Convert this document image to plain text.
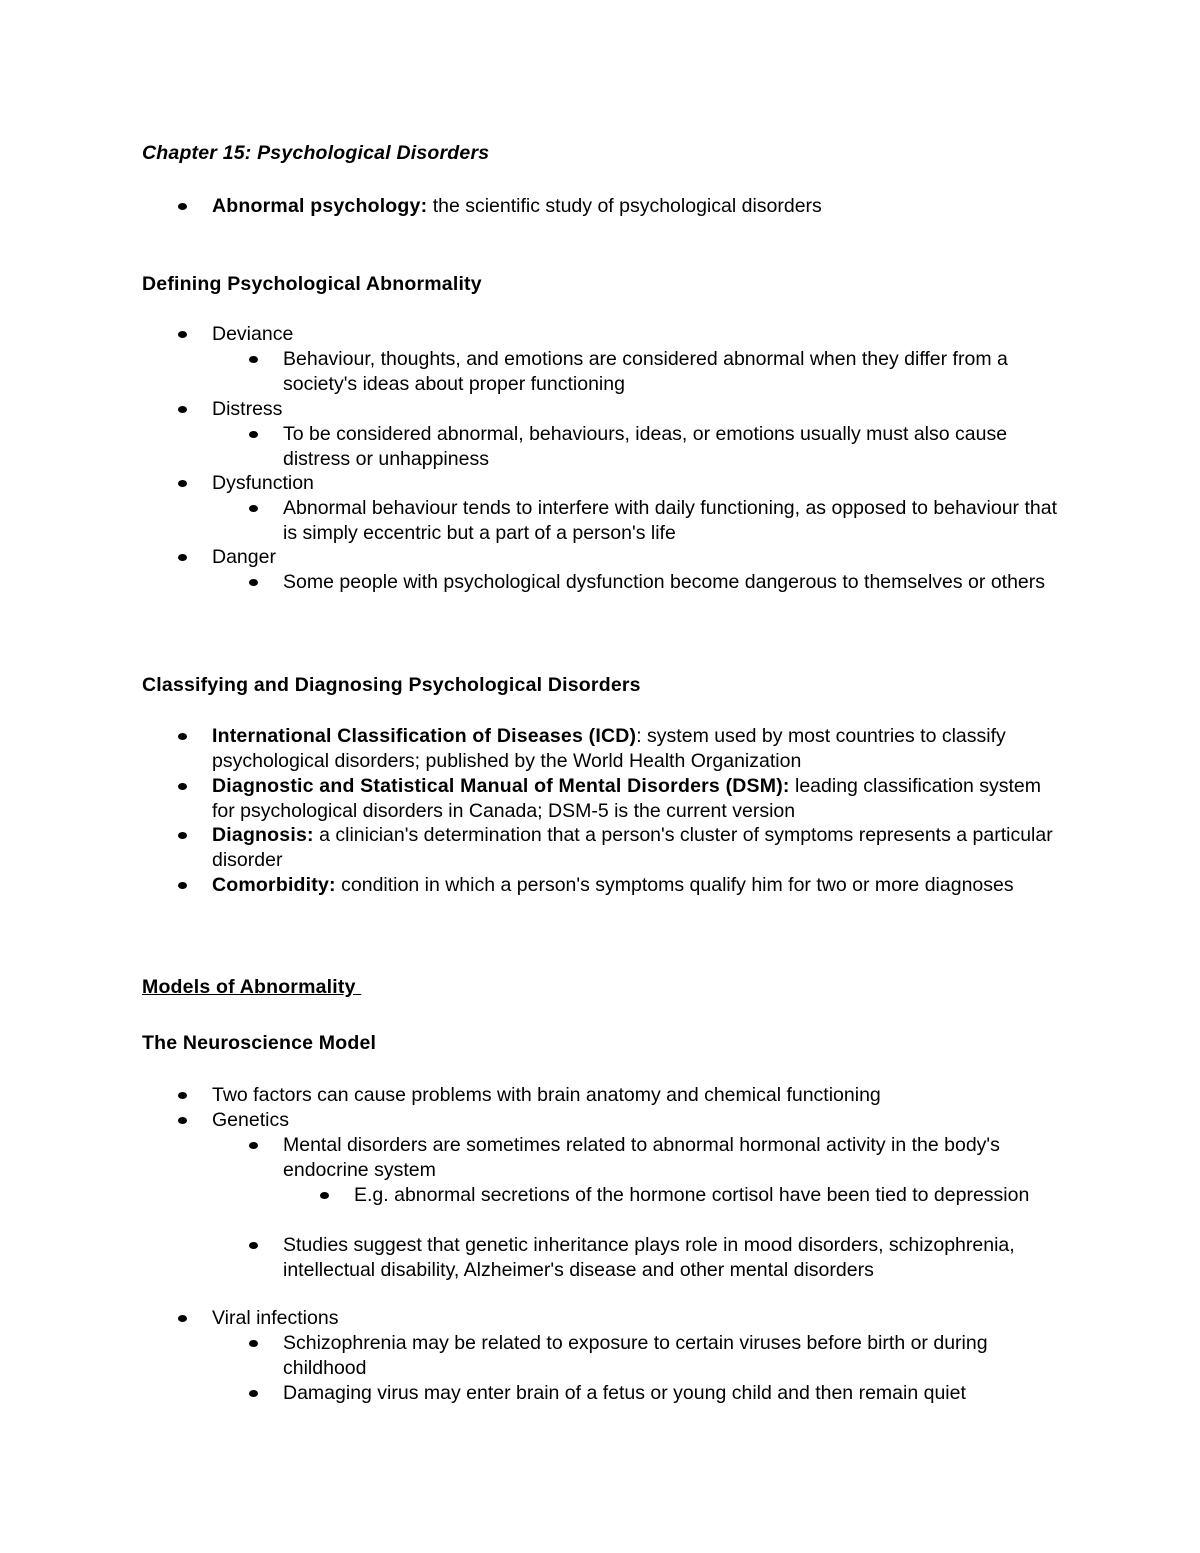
Chapter 15: Psychological Disorders
Abnormal psychology: the scientific study of psychological disorders
Defining Psychological Abnormality
Deviance
Behaviour, thoughts, and emotions are considered abnormal when they differ from a society's ideas about proper functioning
Distress
To be considered abnormal, behaviours, ideas, or emotions usually must also cause distress or unhappiness
Dysfunction
Abnormal behaviour tends to interfere with daily functioning, as opposed to behaviour that is simply eccentric but a part of a person's life
Danger
Some people with psychological dysfunction become dangerous to themselves or others
Classifying and Diagnosing Psychological Disorders
International Classification of Diseases (ICD): system used by most countries to classify psychological disorders; published by the World Health Organization
Diagnostic and Statistical Manual of Mental Disorders (DSM): leading classification system for psychological disorders in Canada; DSM-5 is the current version
Diagnosis: a clinician's determination that a person's cluster of symptoms represents a particular disorder
Comorbidity: condition in which a person's symptoms qualify him for two or more diagnoses
Models of Abnormality
The Neuroscience Model
Two factors can cause problems with brain anatomy and chemical functioning
Genetics
Mental disorders are sometimes related to abnormal hormonal activity in the body's endocrine system
E.g. abnormal secretions of the hormone cortisol have been tied to depression
Studies suggest that genetic inheritance plays role in mood disorders, schizophrenia, intellectual disability, Alzheimer's disease and other mental disorders
Viral infections
Schizophrenia may be related to exposure to certain viruses before birth or during childhood
Damaging virus may enter brain of a fetus or young child and then remain quiet
